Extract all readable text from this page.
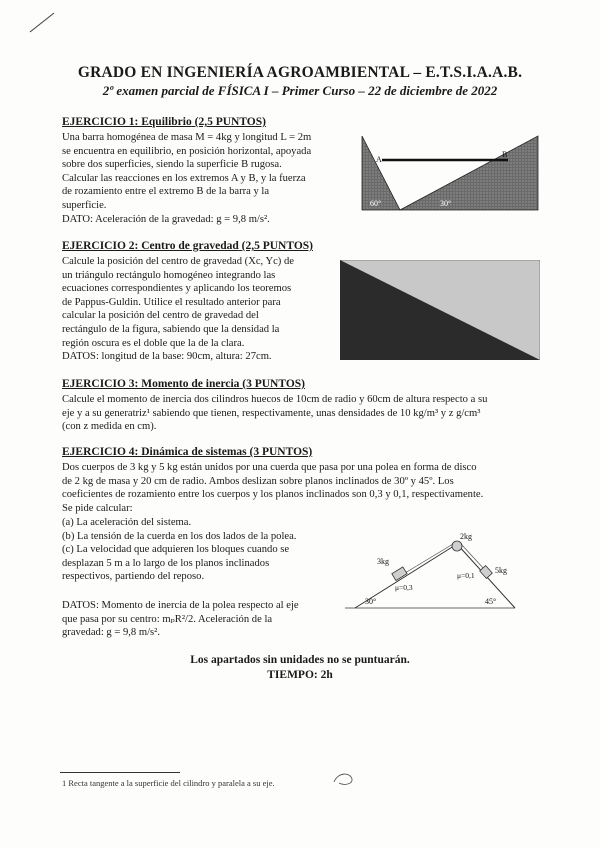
GRADO EN INGENIERÍA AGROAMBIENTAL – E.T.S.I.A.A.B.
2º examen parcial de FÍSICA I – Primer Curso – 22 de diciembre de 2022
EJERCICIO 1: Equilibrio (2,5 PUNTOS)
Una barra homogénea de masa M = 4kg y longitud L = 2m
se encuentra en equilibrio, en posición horizontal, apoyada
sobre dos superficies, siendo la superficie B rugosa.
Calcular las reacciones en los extremos A y B, y la fuerza
de rozamiento entre el extremo B de la barra y la
superficie.
DATO: Aceleración de la gravedad: g = 9,8 m/s².
A
B
60°	30°
EJERCICIO 2: Centro de gravedad (2,5 PUNTOS)
Calcule la posición del centro de gravedad (Xc, Yc) de
un triángulo rectángulo homogéneo integrando las
ecuaciones correspondientes y aplicando los teoremos
de Pappus-Guldin. Utilice el resultado anterior para
calcular la posición del centro de gravedad del
rectángulo de la figura, sabiendo que la densidad la
región oscura es el doble que la de la clara.
DATOS: longitud de la base: 90cm, altura: 27cm.
EJERCICIO 3: Momento de inercia (3 PUNTOS)
Calcule el momento de inercia dos cilindros huecos de 10cm de radio y 60cm de altura respecto a su
eje y a su generatriz¹ sabiendo que tienen, respectivamente, unas densidades de 10 kg/m³ y z g/cm³
(con z medida en cm).
EJERCICIO 4: Dinámica de sistemas (3 PUNTOS)
Dos cuerpos de 3 kg y 5 kg están unidos por una cuerda que pasa por una polea en forma de disco
de 2 kg de masa y 20 cm de radio. Ambos deslizan sobre planos inclinados de 30º y 45º. Los
coeficientes de rozamiento entre los cuerpos y los planos inclinados son 0,3 y 0,1, respectivamente.
Se pide calcular:
(a) La aceleración del sistema.
(b) La tensión de la cuerda en los dos lados de la polea.
(c) La velocidad que adquieren los bloques cuando se
desplazan 5 m a lo largo de los planos inclinados
respectivos, partiendo del reposo.
DATOS: Momento de inercia de la polea respecto al eje
que pasa por su centro: mₚR²/2. Aceleración de la
gravedad: g = 9,8 m/s².
2kg
3kg
5kg
μ=0,3
μ=0,1
30°	45°
Los apartados sin unidades no se puntuarán.
TIEMPO: 2h
1 Recta tangente a la superficie del cilindro y paralela a su eje.
